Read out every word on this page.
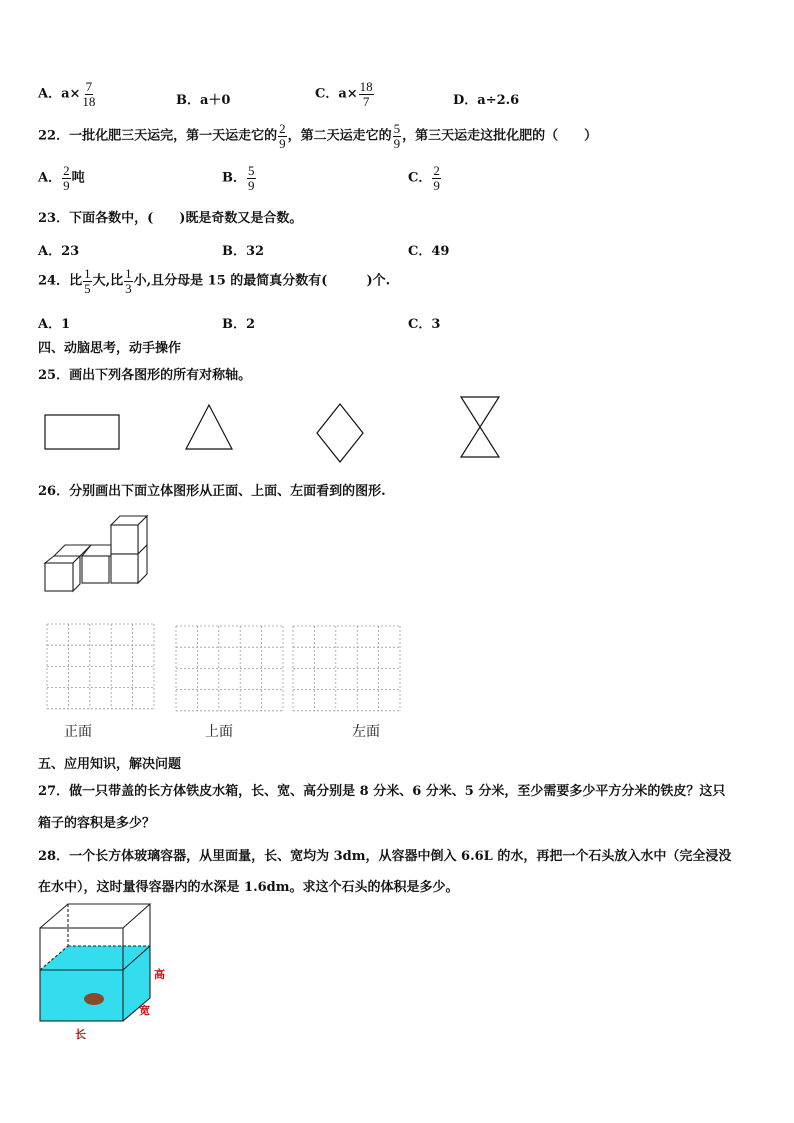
A．$a\times \frac{7}{18}$	B．a＋0	C．$a\times \frac{18}{7}$	D．a÷2.6
22．一批化肥三天运完，第一天运走它的 $\frac{2}{9}$ ，第二天运走它的 $\frac{5}{9}$ ，第三天运走这批化肥的（　　）
A． $\frac{2}{9}$ 吨	B． $\frac{5}{9}$	C． $\frac{2}{9}$
23．下面各数中，(　　)既是奇数又是合数。
A．23	B．32	C．49
24．比 $\frac{1}{5}$ 大,比 $\frac{1}{3}$ 小,且分母是 15 的最简真分数有(　　　)个.
A．1	B．2	C．3
四、动脑思考，动手操作
25．画出下列各图形的所有对称轴。
26．分别画出下面立体图形从正面、上面、左面看到的图形.
正面	上面	左面
五、应用知识，解决问题
27．做一只带盖的长方体铁皮水箱，长、宽、高分别是 8 分米、6 分米、5 分米，至少需要多少平方分米的铁皮？这只
箱子的容积是多少？
28．一个长方体玻璃容器，从里面量，长、宽均为 3dm，从容器中倒入 6.6L 的水，再把一个石头放入水中（完全浸没
在水中），这时量得容器内的水深是 1.6dm。求这个石头的体积是多少。
高
宽
长
